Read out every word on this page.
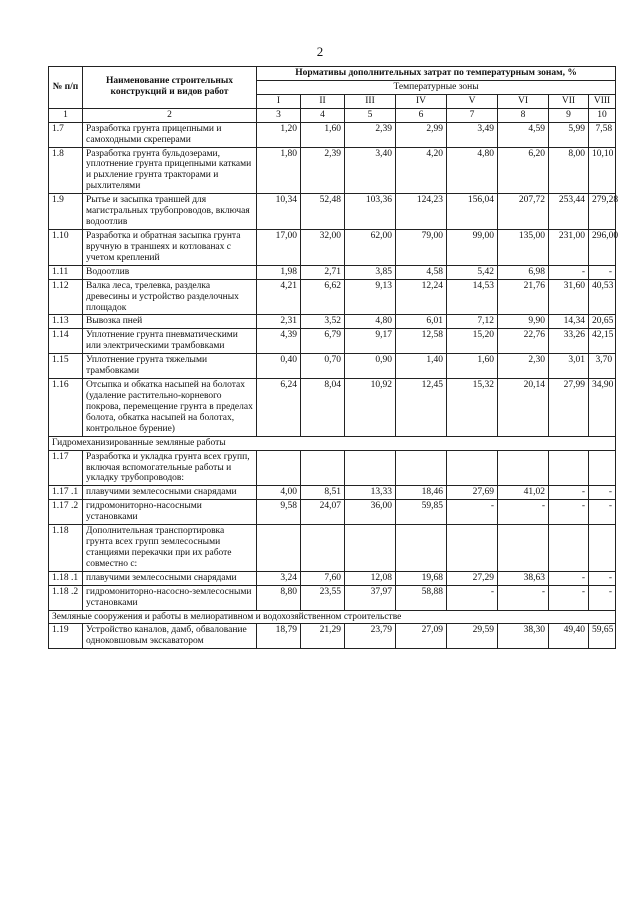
2
№ п/п	Наименование строительных конструкций и видов работ	Нормативы дополнительных затрат по температурным зонам, %							
		Температурные зоны							
		I	II	III	IV	V	VI	VII	VIII
1	2	3	4	5	6	7	8	9	10
1.7	Разработка грунта прицепными и самоходными скреперами	1,20	1,60	2,39	2,99	3,49	4,59	5,99	7,58
1.8	Разработка грунта бульдозерами, уплотнение грунта прицепными катками и рыхление грунта тракторами и рыхлителями	1,80	2,39	3,40	4,20	4,80	6,20	8,00	10,10
1.9	Рытье и засыпка траншей для магистральных трубопроводов, включая водоотлив	10,34	52,48	103,36	124,23	156,04	207,72	253,44	279,28
1.10	Разработка и обратная засыпка грунта вручную в траншеях и котлованах с учетом креплений	17,00	32,00	62,00	79,00	99,00	135,00	231,00	296,00
1.11	Водоотлив	1,98	2,71	3,85	4,58	5,42	6,98	-	-
1.12	Валка леса, трелевка, разделка древесины и устройство разделочных площадок	4,21	6,62	9,13	12,24	14,53	21,76	31,60	40,53
1.13	Вывозка пней	2,31	3,52	4,80	6,01	7,12	9,90	14,34	20,65
1.14	Уплотнение грунта пневматическими или электрическими трамбовками	4,39	6,79	9,17	12,58	15,20	22,76	33,26	42,15
1.15	Уплотнение грунта тяжелыми трамбовками	0,40	0,70	0,90	1,40	1,60	2,30	3,01	3,70
1.16	Отсыпка и обкатка насыпей на болотах (удаление растительно-корневого покрова, перемещение грунта в пределах болота, обкатка насыпей на болотах, контрольное бурение)	6,24	8,04	10,92	12,45	15,32	20,14	27,99	34,90
Гидромеханизированные земляные работы									
1.17	Разработка и укладка грунта всех групп, включая вспомогательные работы и укладку трубопроводов:								
1.17 .1	плавучими землесосными снарядами	4,00	8,51	13,33	18,46	27,69	41,02	-	-
1.17 .2	гидромониторно-насосными установками	9,58	24,07	36,00	59,85	-	-	-	-
1.18	Дополнительная транспортировка грунта всех групп землесосными станциями перекачки при их работе совместно с:								
1.18 .1	плавучими землесосными снарядами	3,24	7,60	12,08	19,68	27,29	38,63	-	-
1.18 .2	гидромониторно-насосно-землесосными установками	8,80	23,55	37,97	58,88	-	-	-	-
Земляные сооружения и работы в мелиоративном и водохозяйственном строительстве									
1.19	Устройство каналов, дамб, обвалование одноковшовым экскаватором	18,79	21,29	23,79	27,09	29,59	38,30	49,40	59,65
